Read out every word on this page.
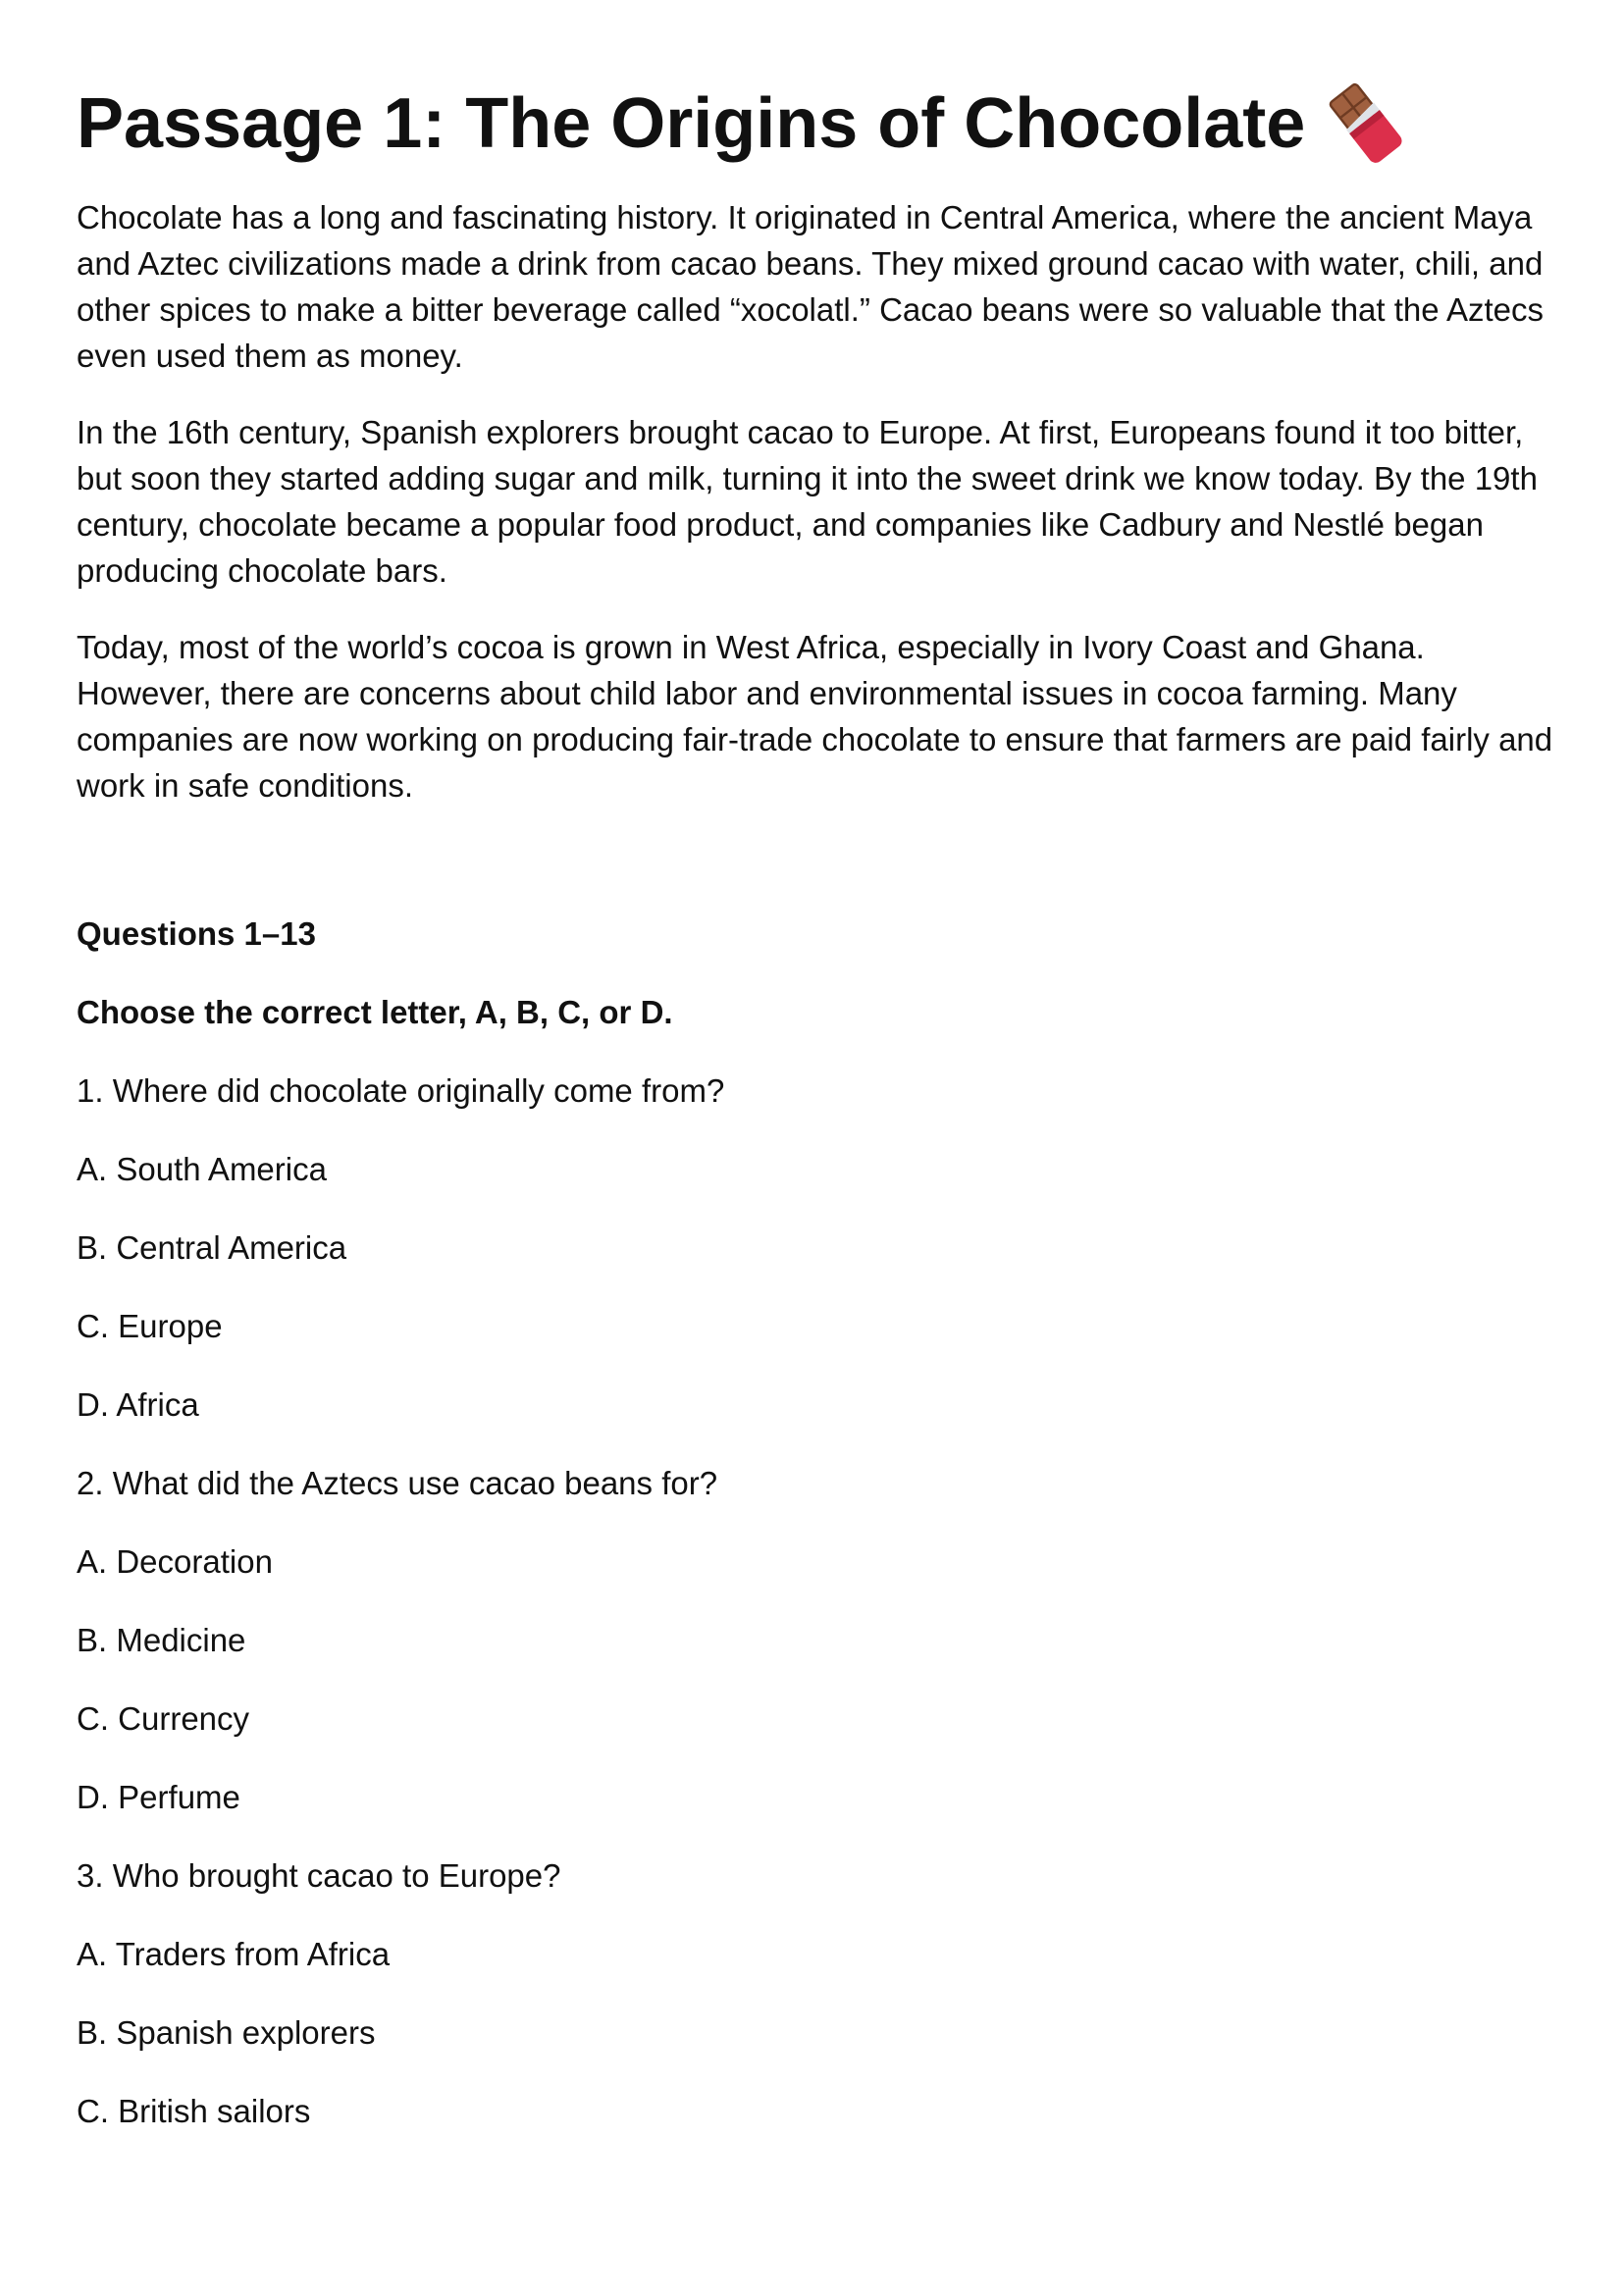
Passage 1: The Origins of Chocolate

Chocolate has a long and fascinating history. It originated in Central America, where the ancient Maya and Aztec civilizations made a drink from cacao beans. They mixed ground cacao with water, chili, and other spices to make a bitter beverage called “xocolatl.” Cacao beans were so valuable that the Aztecs even used them as money.

In the 16th century, Spanish explorers brought cacao to Europe. At first, Europeans found it too bitter, but soon they started adding sugar and milk, turning it into the sweet drink we know today. By the 19th century, chocolate became a popular food product, and companies like Cadbury and Nestlé began producing chocolate bars.

Today, most of the world’s cocoa is grown in West Africa, especially in Ivory Coast and Ghana. However, there are concerns about child labor and environmental issues in cocoa farming. Many companies are now working on producing fair-trade chocolate to ensure that farmers are paid fairly and work in safe conditions.

Questions 1–13

Choose the correct letter, A, B, C, or D.

1. Where did chocolate originally come from?

A. South America

B. Central America

C. Europe

D. Africa

2. What did the Aztecs use cacao beans for?

A. Decoration

B. Medicine

C. Currency

D. Perfume

3. Who brought cacao to Europe?

A. Traders from Africa

B. Spanish explorers

C. British sailors
